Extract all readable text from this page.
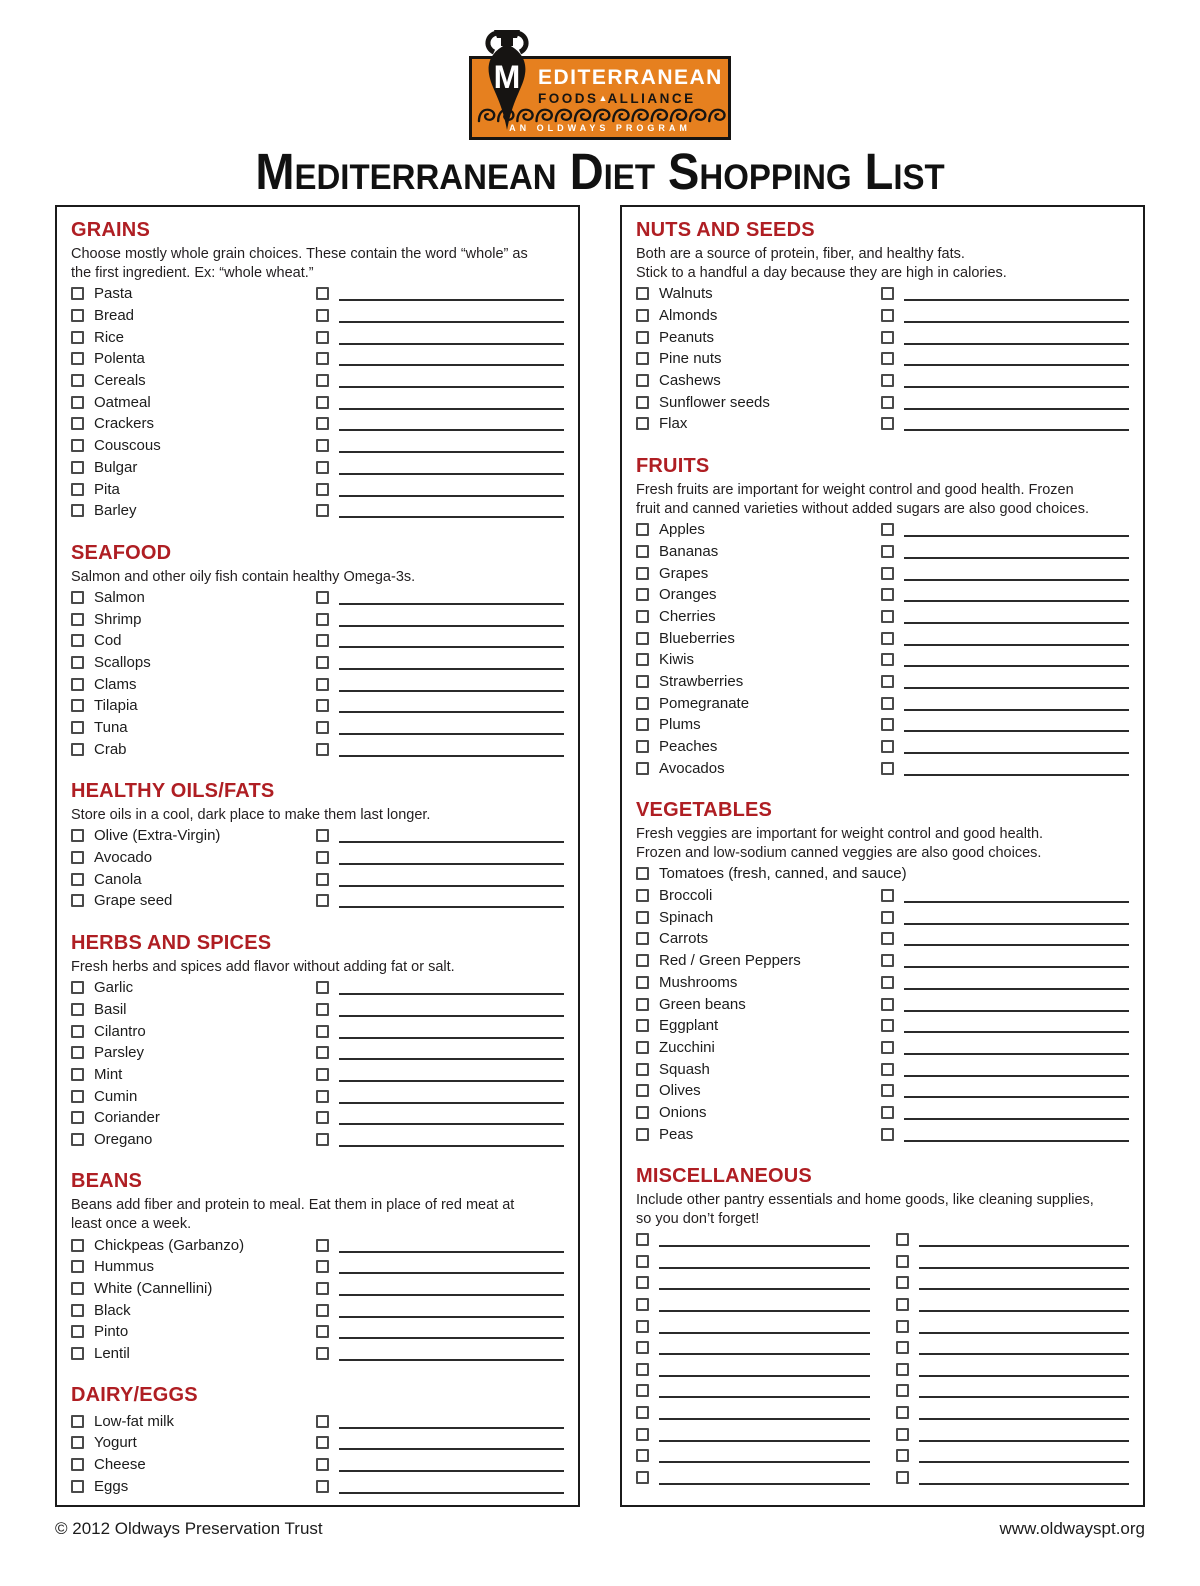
EDITERRANEAN
FOODS▲ALLIANCE
AN OLDWAYS PROGRAM
M
Mediterranean Diet Shopping List
GRAINS
Choose mostly whole grain choices. These contain the word “whole” as
the first ingredient. Ex: “whole wheat.”
Pasta
Bread
Rice
Polenta
Cereals
Oatmeal
Crackers
Couscous
Bulgar
Pita
Barley
SEAFOOD
Salmon and other oily fish contain healthy Omega-3s.
Salmon
Shrimp
Cod
Scallops
Clams
Tilapia
Tuna
Crab
HEALTHY OILS/FATS
Store oils in a cool, dark place to make them last longer.
Olive (Extra-Virgin)
Avocado
Canola
Grape seed
HERBS AND SPICES
Fresh herbs and spices add flavor without adding fat or salt.
Garlic
Basil
Cilantro
Parsley
Mint
Cumin
Coriander
Oregano
BEANS
Beans add fiber and protein to meal. Eat them in place of red meat at
least once a week.
Chickpeas (Garbanzo)
Hummus
White (Cannellini)
Black
Pinto
Lentil
DAIRY/EGGS
Low-fat milk
Yogurt
Cheese
Eggs
NUTS AND SEEDS
Both are a source of protein, fiber, and healthy fats.
Stick to a handful a day because they are high in calories.
Walnuts
Almonds
Peanuts
Pine nuts
Cashews
Sunflower seeds
Flax
FRUITS
Fresh fruits are important for weight control and good health. Frozen
fruit and canned varieties without added sugars are also good choices.
Apples
Bananas
Grapes
Oranges
Cherries
Blueberries
Kiwis
Strawberries
Pomegranate
Plums
Peaches
Avocados
VEGETABLES
Fresh veggies are important for weight control and good health.
Frozen and low-sodium canned veggies are also good choices.
Tomatoes (fresh, canned, and sauce)
Broccoli
Spinach
Carrots
Red / Green Peppers
Mushrooms
Green beans
Eggplant
Zucchini
Squash
Olives
Onions
Peas
MISCELLANEOUS
Include other pantry essentials and home goods, like cleaning supplies,
so you don’t forget!
© 2012 Oldways Preservation Trust	www.oldwayspt.org
